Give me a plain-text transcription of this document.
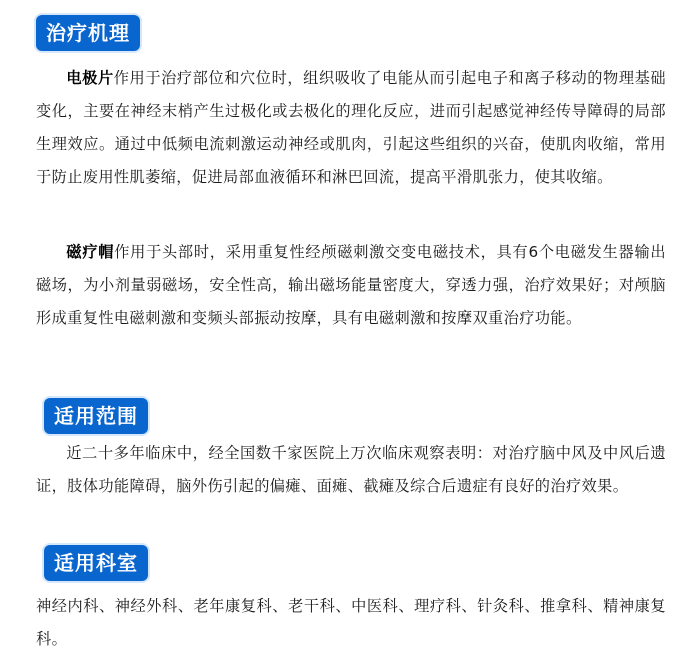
治疗机理

电极片作用于治疗部位和穴位时，组织吸收了电能从而引起电子和离子移动的物理基础变化，主要在神经末梢产生过极化或去极化的理化反应，进而引起感觉神经传导障碍的局部生理效应。通过中低频电流刺激运动神经或肌肉，引起这些组织的兴奋，使肌肉收缩，常用于防止废用性肌萎缩，促进局部血液循环和淋巴回流，提高平滑肌张力，使其收缩。

磁疗帽作用于头部时，采用重复性经颅磁刺激交变电磁技术，具有6个电磁发生器输出磁场，为小剂量弱磁场，安全性高，输出磁场能量密度大，穿透力强，治疗效果好；对颅脑形成重复性电磁刺激和变频头部振动按摩，具有电磁刺激和按摩双重治疗功能。

适用范围

近二十多年临床中，经全国数千家医院上万次临床观察表明：对治疗脑中风及中风后遗证，肢体功能障碍，脑外伤引起的偏瘫、面瘫、截瘫及综合后遗症有良好的治疗效果。

适用科室

神经内科、神经外科、老年康复科、老干科、中医科、理疗科、针灸科、推拿科、精神康复科。
